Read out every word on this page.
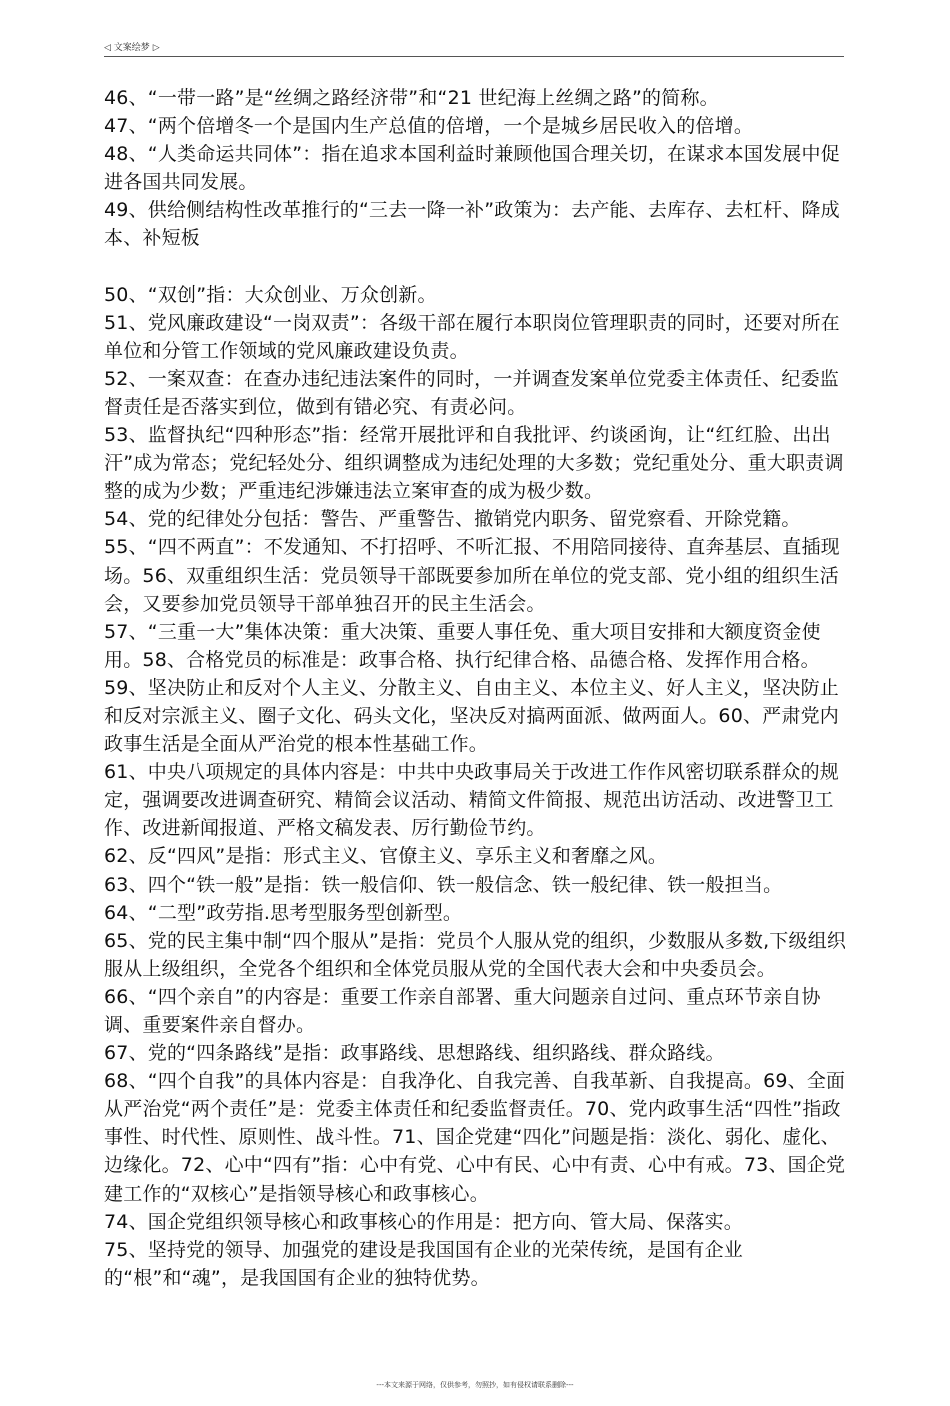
◁ 文案绘梦 ▷

46、“一带一路”是“丝绸之路经济带”和“21 世纪海上丝绸之路”的简称。

47、“两个倍增冬一个是国内生产总值的倍增，一个是城乡居民收入的倍增。

48、“人类命运共同体”：指在追求本国利益时兼顾他国合理关切，在谋求本国发展中促进各国共同发展。

49、供给侧结构性改革推行的“三去一降一补”政策为：去产能、去库存、去杠杆、降成本、补短板

50、“双创”指：大众创业、万众创新。

51、党风廉政建设“一岗双责”：各级干部在履行本职岗位管理职责的同时，还要对所在单位和分管工作领域的党风廉政建设负责。

52、一案双查：在查办违纪违法案件的同时，一并调查发案单位党委主体责任、纪委监督责任是否落实到位，做到有错必究、有责必问。

53、监督执纪“四种形态”指：经常开展批评和自我批评、约谈函询，让“红红脸、出出汗”成为常态；党纪轻处分、组织调整成为违纪处理的大多数；党纪重处分、重大职责调整的成为少数；严重违纪涉嫌违法立案审查的成为极少数。

54、党的纪律处分包括：警告、严重警告、撤销党内职务、留党察看、开除党籍。

55、“四不两直”：不发通知、不打招呼、不听汇报、不用陪同接待、直奔基层、直插现场。56、双重组织生活：党员领导干部既要参加所在单位的党支部、党小组的组织生活会，又要参加党员领导干部单独召开的民主生活会。

57、“三重一大”集体决策：重大决策、重要人事任免、重大项目安排和大额度资金使用。58、合格党员的标准是：政事合格、执行纪律合格、品德合格、发挥作用合格。

59、坚决防止和反对个人主义、分散主义、自由主义、本位主义、好人主义，坚决防止和反对宗派主义、圈子文化、码头文化，坚决反对搞两面派、做两面人。60、严肃党内政事生活是全面从严治党的根本性基础工作。

61、中央八项规定的具体内容是：中共中央政事局关于改进工作作风密切联系群众的规定，强调要改进调查研究、精简会议活动、精简文件简报、规范出访活动、改进警卫工作、改进新闻报道、严格文稿发表、厉行勤俭节约。

62、反“四风”是指：形式主义、官僚主义、享乐主义和奢靡之风。

63、四个“铁一般”是指：铁一般信仰、铁一般信念、铁一般纪律、铁一般担当。64、“二型”政劳指.思考型服务型创新型。

65、党的民主集中制“四个服从”是指：党员个人服从党的组织，少数服从多数,下级组织服从上级组织，全党各个组织和全体党员服从党的全国代表大会和中央委员会。

66、“四个亲自”的内容是：重要工作亲自部署、重大问题亲自过问、重点环节亲自协调、重要案件亲自督办。

67、党的“四条路线”是指：政事路线、思想路线、组织路线、群众路线。

68、“四个自我”的具体内容是：自我净化、自我完善、自我革新、自我提高。69、全面从严治党“两个责任”是：党委主体责任和纪委监督责任。70、党内政事生活“四性”指政事性、时代性、原则性、战斗性。71、国企党建“四化”问题是指：淡化、弱化、虚化、边缘化。72、心中“四有”指：心中有党、心中有民、心中有责、心中有戒。73、国企党建工作的“双核心”是指领导核心和政事核心。

74、国企党组织领导核心和政事核心的作用是：把方向、管大局、保落实。

75、坚持党的领导、加强党的建设是我国国有企业的光荣传统，是国有企业的“根”和“魂”，是我国国有企业的独特优势。

---本文来源于网络，仅供参考，勿照抄，如有侵权请联系删除---
